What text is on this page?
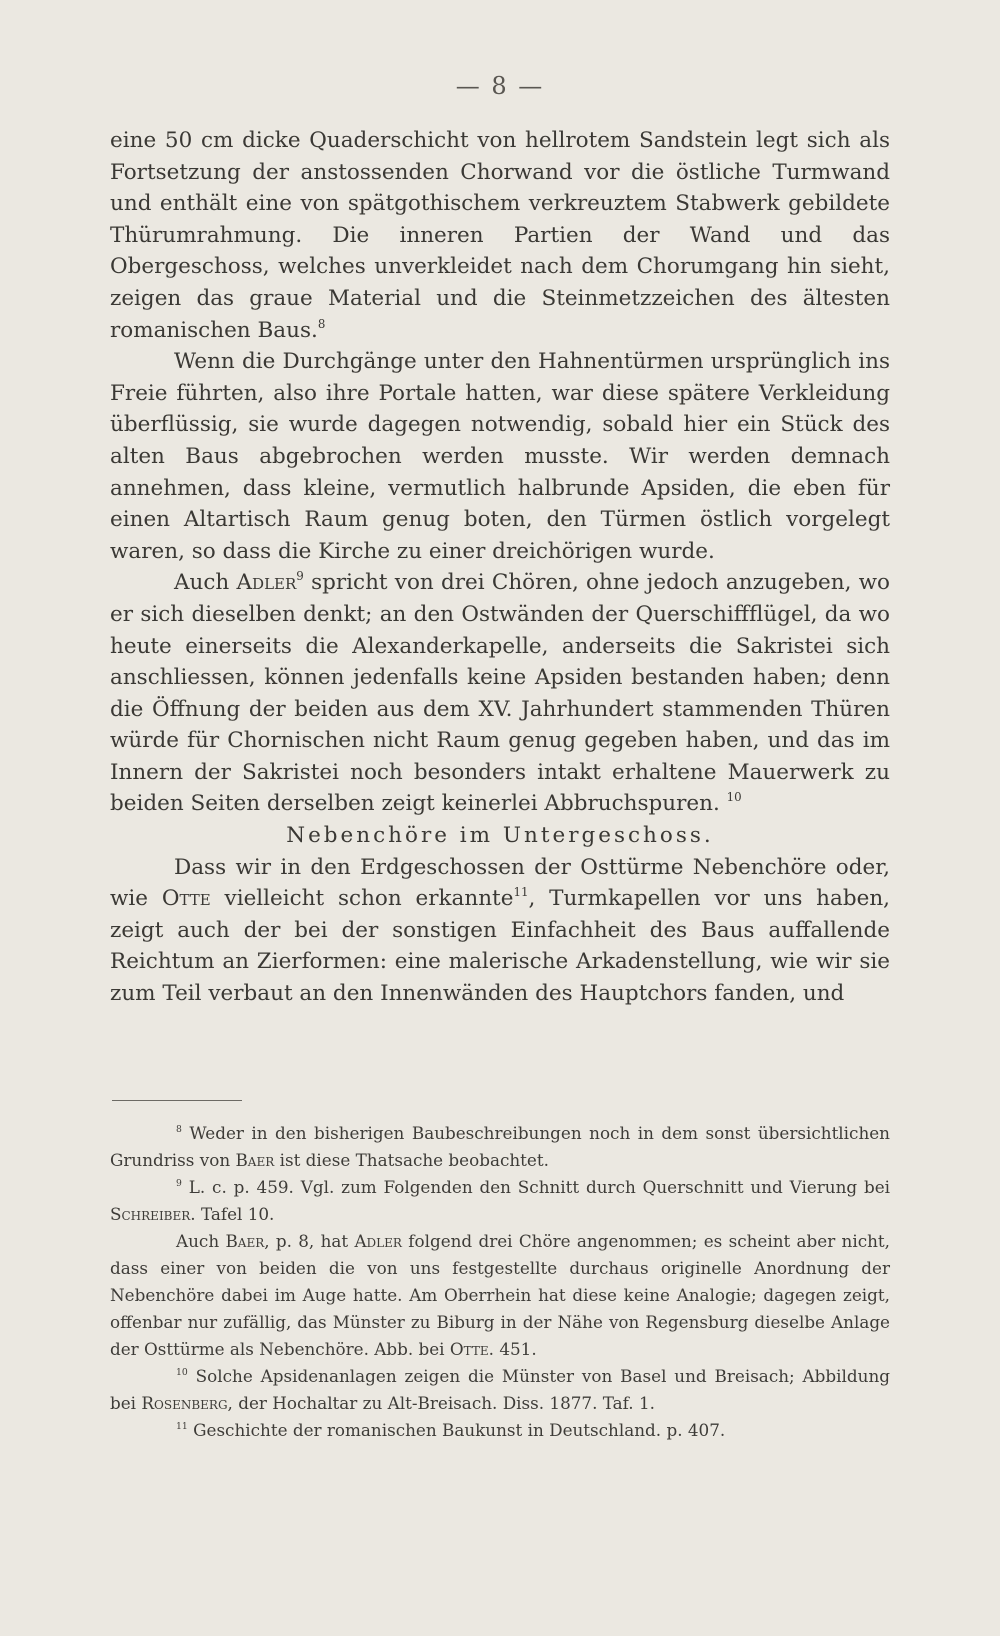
— 8 —

eine 50 cm dicke Quaderschicht von hellrotem Sandstein legt sich als Fortsetzung der anstossenden Chorwand vor die östliche Turmwand und enthält eine von spätgothischem verkreuztem Stabwerk gebildete Thürumrahmung. Die inneren Partien der Wand und das Obergeschoss, welches unverkleidet nach dem Chorumgang hin sieht, zeigen das graue Material und die Steinmetzzeichen des ältesten romanischen Baus.$^8$

Wenn die Durchgänge unter den Hahnentürmen ursprünglich ins Freie führten, also ihre Portale hatten, war diese spätere Verkleidung überflüssig, sie wurde dagegen notwendig, sobald hier ein Stück des alten Baus abgebrochen werden musste. Wir werden demnach annehmen, dass kleine, vermutlich halbrunde Apsiden, die eben für einen Altartisch Raum genug boten, den Türmen östlich vorgelegt waren, so dass die Kirche zu einer dreichörigen wurde.

Auch Adler$^9$ spricht von drei Chören, ohne jedoch anzugeben, wo er sich dieselben denkt; an den Ostwänden der Querschiffflügel, da wo heute einerseits die Alexanderkapelle, anderseits die Sakristei sich anschliessen, können jedenfalls keine Apsiden bestanden haben; denn die Öffnung der beiden aus dem XV. Jahrhundert stammenden Thüren würde für Chornischen nicht Raum genug gegeben haben, und das im Innern der Sakristei noch besonders intakt erhaltene Mauerwerk zu beiden Seiten derselben zeigt keinerlei Abbruchspuren. $^{10}$

Nebenchöre im Untergeschoss.

Dass wir in den Erdgeschossen der Osttürme Nebenchöre oder, wie Otte vielleicht schon erkannte$^{11}$, Turmkapellen vor uns haben, zeigt auch der bei der sonstigen Einfachheit des Baus auffallende Reichtum an Zierformen: eine malerische Arkadenstellung, wie wir sie zum Teil verbaut an den Innenwänden des Hauptchors fanden, und

$^8$ Weder in den bisherigen Baubeschreibungen noch in dem sonst übersichtlichen Grundriss von Baer ist diese Thatsache beobachtet.

$^9$ L. c. p. 459. Vgl. zum Folgenden den Schnitt durch Querschnitt und Vierung bei Schreiber. Tafel 10.

Auch Baer, p. 8, hat Adler folgend drei Chöre angenommen; es scheint aber nicht, dass einer von beiden die von uns festgestellte durchaus originelle Anordnung der Nebenchöre dabei im Auge hatte. Am Oberrhein hat diese keine Analogie; dagegen zeigt, offenbar nur zufällig, das Münster zu Biburg in der Nähe von Regensburg dieselbe Anlage der Osttürme als Nebenchöre. Abb. bei Otte. 451.

$^{10}$ Solche Apsidenanlagen zeigen die Münster von Basel und Breisach; Abbildung bei Rosenberg, der Hochaltar zu Alt-Breisach. Diss. 1877. Taf. 1.

$^{11}$ Geschichte der romanischen Baukunst in Deutschland. p. 407.
